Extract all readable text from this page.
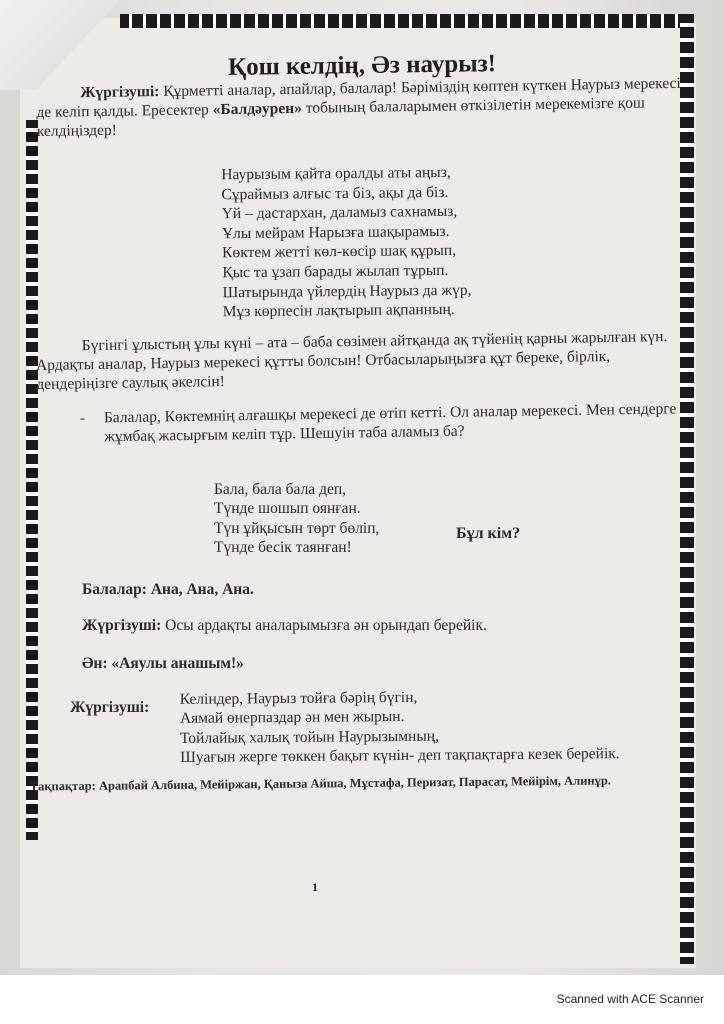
Қош келдің, Әз наурыз!

Жүргізуші: Құрметті аналар, апайлар, балалар! Бәріміздің көптен күткен Наурыз мерекесі де келіп қалды. Ересектер «Балдәурен» тобының балаларымен өткізілетін мерекемізге қош келдіңіздер!

Наурызым қайта оралды аты аңыз,
Сұраймыз алғыс та біз, ақы да біз.
Үй – дастархан, даламыз сахнамыз,
Ұлы мейрам Нарызға шақырамыз.
Көктем жетті көл-көсір шақ құрып,
Қыс та ұзап барады жылап тұрып.
Шатырында үйлердің Наурыз да жүр,
Мұз көрпесін лақтырып ақпанның.

Бүгінгі ұлыстың ұлы күні – ата – баба сөзімен айтқанда ақ түйенің қарны жарылған күн. Ардақты аналар, Наурыз мерекесі құтты болсын! Отбасыларыңызға құт береке, бірлік, дендеріңізге саулық әкелсін!

- Балалар, Көктемнің алғашқы мерекесі де өтіп кетті. Ол аналар мерекесі. Мен сендерге жұмбақ жасырғым келіп тұр. Шешуін таба аламыз ба?

Бала, бала бала деп,
Түнде шошып оянған.
Түн ұйқысын төрт бөліп,
Түнде бесік таянған!
Бұл кім?

Балалар: Ана, Ана, Ана.

Жүргізуші: Осы ардақты аналарымызға ән орындап берейік.

Ән: «Аяулы анашым!»

Жүргізуші: Келіндер, Наурыз тойға бәрің бүгін,
Аямай өнерпаздар ән мен жырын.
Тойлайық халық тойын Наурызымның,
Шуағын жерге төккен бақыт күнін- деп тақпақтарға кезек берейік.

Тақпақтар: Арапбай Албина, Мейіржан, Қаныза Айша, Мұстафа, Перизат, Парасат, Мейірім, Алинұр.

1
Scanned with ACE Scanner
